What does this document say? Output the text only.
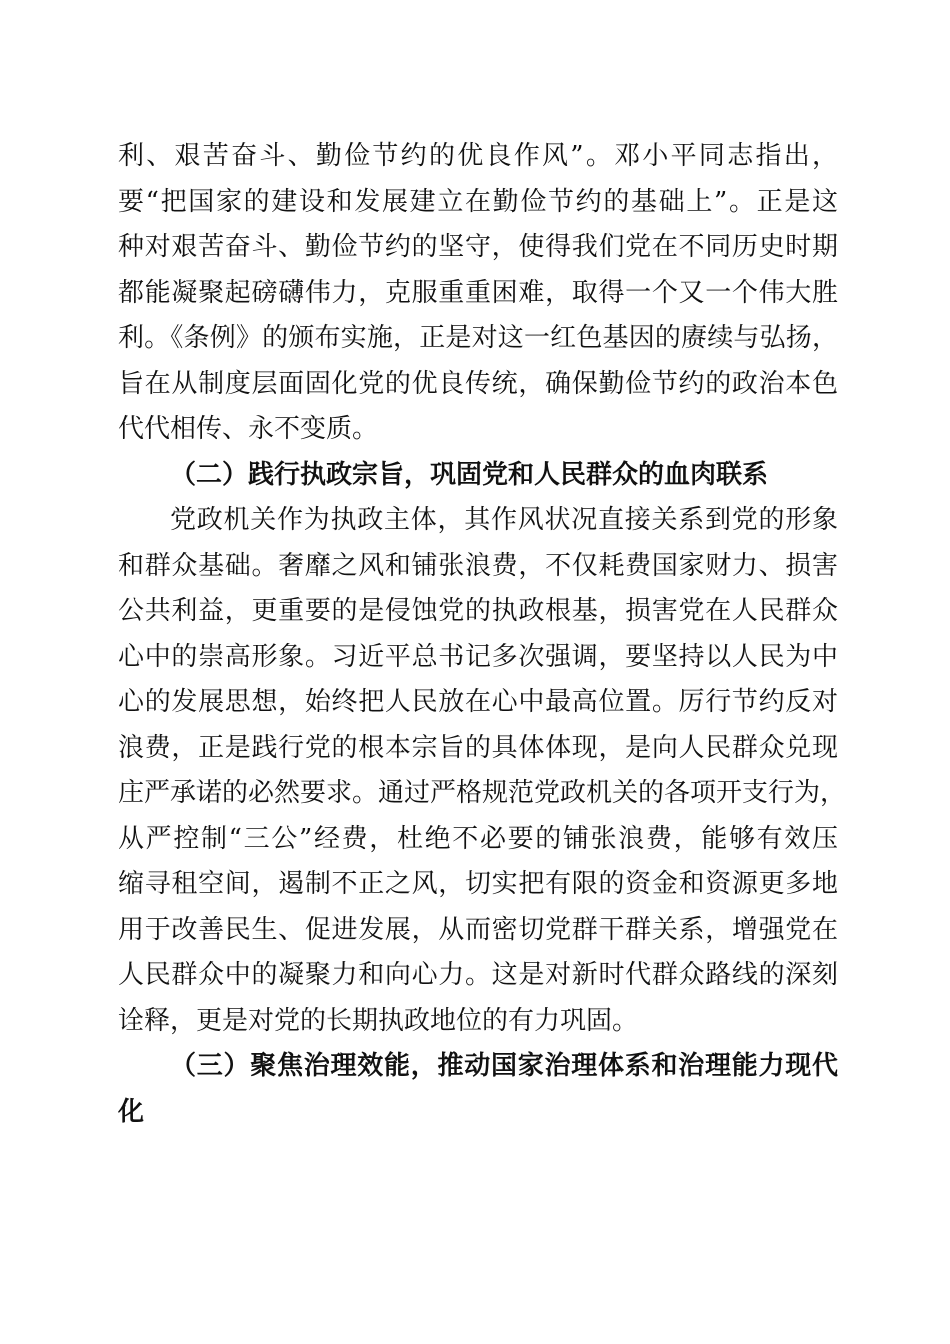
利、艰苦奋斗、勤俭节约的优良作风”。邓小平同志指出，
要“把国家的建设和发展建立在勤俭节约的基础上”。正是这
种对艰苦奋斗、勤俭节约的坚守，使得我们党在不同历史时期
都能凝聚起磅礴伟力，克服重重困难，取得一个又一个伟大胜
利。《条例》的颁布实施，正是对这一红色基因的赓续与弘扬，
旨在从制度层面固化党的优良传统，确保勤俭节约的政治本色
代代相传、永不变质。
（二）践行执政宗旨，巩固党和人民群众的血肉联系
党政机关作为执政主体，其作风状况直接关系到党的形象
和群众基础。奢靡之风和铺张浪费，不仅耗费国家财力、损害
公共利益，更重要的是侵蚀党的执政根基，损害党在人民群众
心中的崇高形象。习近平总书记多次强调，要坚持以人民为中
心的发展思想，始终把人民放在心中最高位置。厉行节约反对
浪费，正是践行党的根本宗旨的具体体现，是向人民群众兑现
庄严承诺的必然要求。通过严格规范党政机关的各项开支行为，
从严控制“三公”经费，杜绝不必要的铺张浪费，能够有效压
缩寻租空间，遏制不正之风，切实把有限的资金和资源更多地
用于改善民生、促进发展，从而密切党群干群关系，增强党在
人民群众中的凝聚力和向心力。这是对新时代群众路线的深刻
诠释，更是对党的长期执政地位的有力巩固。
（三）聚焦治理效能，推动国家治理体系和治理能力现代
化
